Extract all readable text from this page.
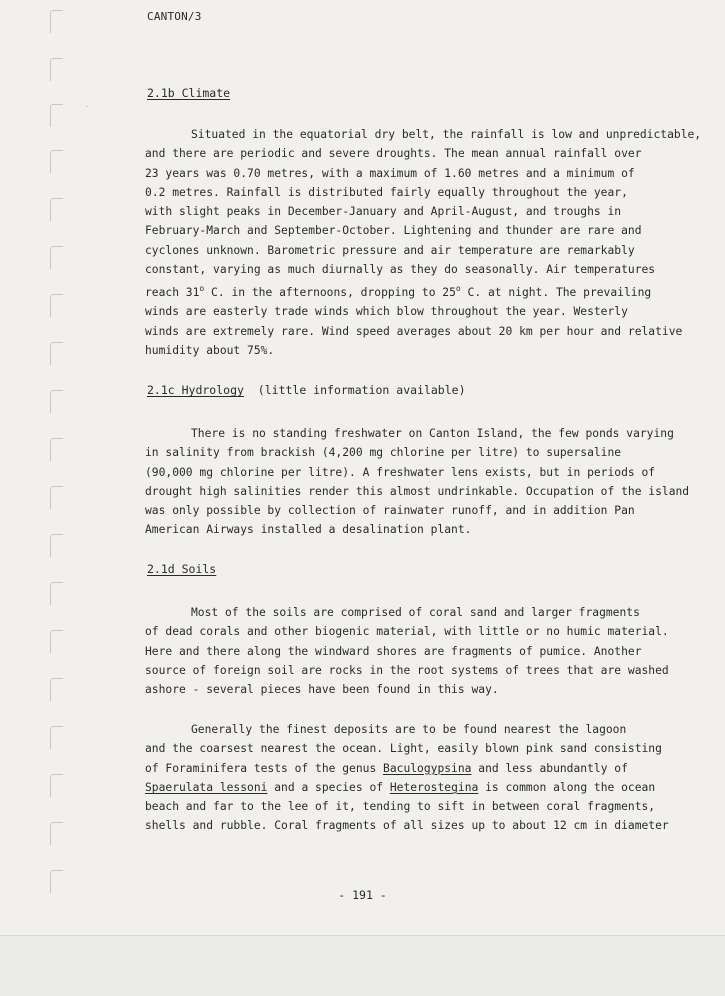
·
CANTON/3
2.1b Climate
Situated in the equatorial dry belt, the rainfall is low and unpredictable,
and there are periodic and severe droughts. The mean annual rainfall over
23 years was 0.70 metres, with a maximum of 1.60 metres and a minimum of
0.2 metres. Rainfall is distributed fairly equally throughout the year,
with slight peaks in December-January and April-August, and troughs in
February-March and September-October. Lightening and thunder are rare and
cyclones unknown. Barometric pressure and air temperature are remarkably
constant, varying as much diurnally as they do seasonally. Air temperatures
reach 31$^o$ C. in the afternoons, dropping to 25$^o$ C. at night. The prevailing
winds are easterly trade winds which blow throughout the year. Westerly
winds are extremely rare. Wind speed averages about 20 km per hour and relative
humidity about 75%.
2.1c Hydrology (little information available)
There is no standing freshwater on Canton Island, the few ponds varying
in salinity from brackish (4,200 mg chlorine per litre) to supersaline
(90,000 mg chlorine per litre). A freshwater lens exists, but in periods of
drought high salinities render this almost undrinkable. Occupation of the island
was only possible by collection of rainwater runoff, and in addition Pan
American Airways installed a desalination plant.
2.1d Soils
Most of the soils are comprised of coral sand and larger fragments
of dead corals and other biogenic material, with little or no humic material.
Here and there along the windward shores are fragments of pumice. Another
source of foreign soil are rocks in the root systems of trees that are washed
ashore - several pieces have been found in this way.
Generally the finest deposits are to be found nearest the lagoon
and the coarsest nearest the ocean. Light, easily blown pink sand consisting
of Foraminifera tests of the genus Baculogypsina and less abundantly of
Spaerulata lessoni and a species of Heterostegina is common along the ocean
beach and far to the lee of it, tending to sift in between coral fragments,
shells and rubble. Coral fragments of all sizes up to about 12 cm in diameter
- 191 -
